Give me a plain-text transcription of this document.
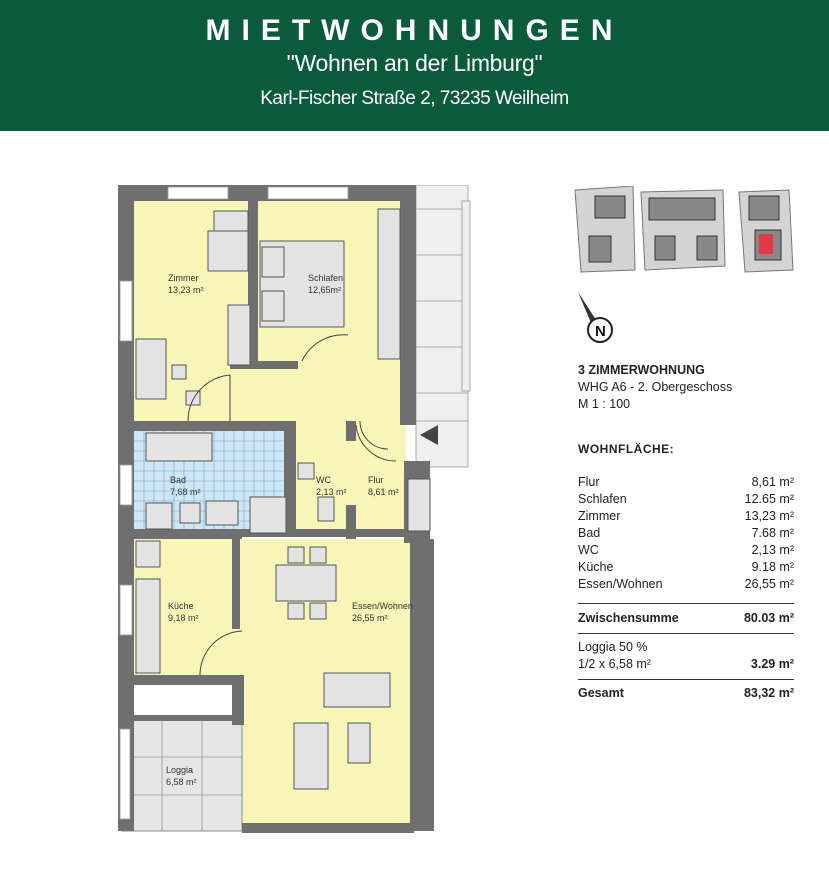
MIETWOHNUNGEN
"Wohnen an der Limburg"
Karl-Fischer Straße 2, 73235 Weilheim
Zimmer
13,23 m²
Schlafen
12,65m²
Bad
7,68 m²
WC
2,13 m²
Flur
8,61 m²
Küche
9,18 m²
Essen/Wohnen
26,55 m²
Loggia
6,58 m²
N
3 ZIMMERWOHNUNG
WHG A6 - 2. Obergeschoss
M 1 : 100
WOHNFLÄCHE:
Flur	8,61 m²
Schlafen	12.65 m²
Zimmer	13,23 m²
Bad	7.68 m²
WC	2,13 m²
Küche	9.18 m²
Essen/Wohnen	26,55 m²
Zwischensumme	80.03 m²
Loggia 50 %
1/2 x 6,58 m²	3.29 m²
Gesamt	83,32 m²
